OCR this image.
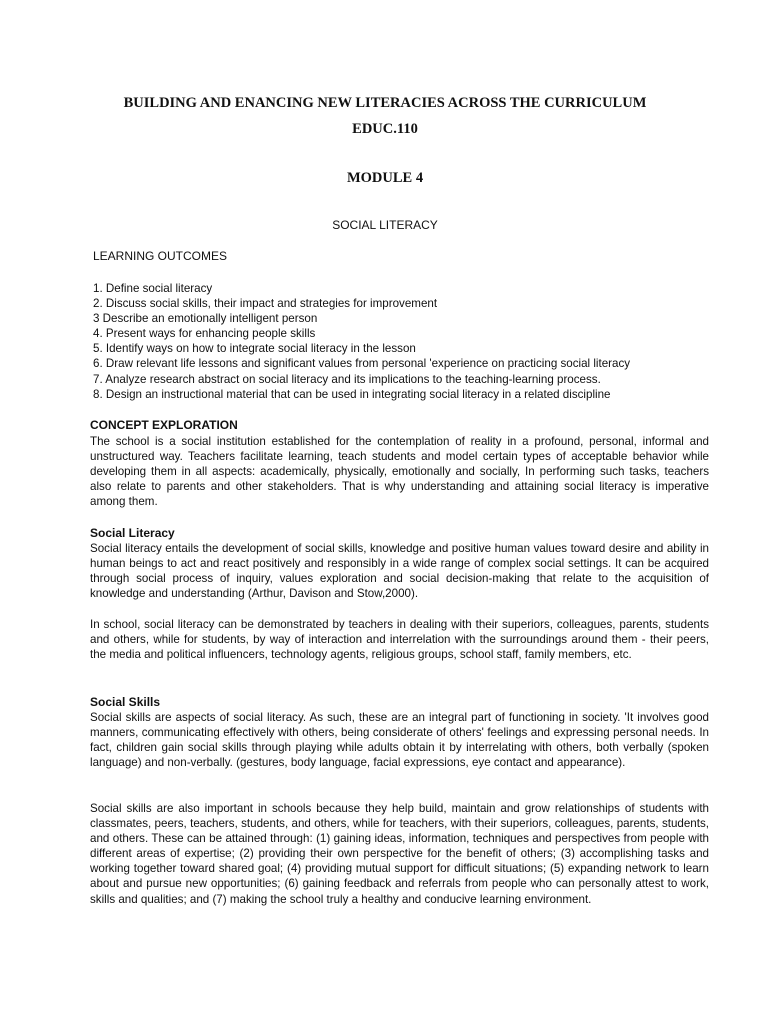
BUILDING AND ENANCING NEW LITERACIES ACROSS THE CURRICULUM
EDUC.110
MODULE 4
SOCIAL LITERACY
LEARNING OUTCOMES
1. Define social literacy
2. Discuss social skills, their impact and strategies for improvement
3 Describe an emotionally intelligent person
4. Present ways for enhancing people skills
5. Identify ways on how to integrate social literacy in the lesson
6. Draw relevant life lessons and significant values from personal 'experience on practicing social literacy
7. Analyze research abstract on social literacy and its implications to the teaching-learning process.
8. Design an instructional material that can be used in integrating social literacy in a related discipline
CONCEPT EXPLORATION

The school is a social institution established for the contemplation of reality in a profound, personal, informal and unstructured way. Teachers facilitate learning, teach students and model certain types of acceptable behavior while developing them in all aspects: academically, physically, emotionally and socially, In performing such tasks, teachers also relate to parents and other stakeholders. That is why understanding and attaining social literacy is imperative among them.

Social Literacy

Social literacy entails the development of social skills, knowledge and positive human values toward desire and ability in human beings to act and react positively and responsibly in a wide range of complex social settings. It can be acquired through social process of inquiry, values exploration and social decision-making that relate to the acquisition of knowledge and understanding (Arthur, Davison and Stow,2000).

In school, social literacy can be demonstrated by teachers in dealing with their superiors, colleagues, parents, students and others, while for students, by way of interaction and interrelation with the surroundings around them - their peers, the media and political influencers, technology agents, religious groups, school staff, family members, etc.

Social Skills

Social skills are aspects of social literacy. As such, these are an integral part of functioning in society. 'It involves good manners, communicating effectively with others, being considerate of others' feelings and expressing personal needs. In fact, children gain social skills through playing while adults obtain it by interrelating with others, both verbally (spoken language) and non-verbally. (gestures, body language, facial expressions, eye contact and appearance).

Social skills are also important in schools because they help build, maintain and grow relationships of students with classmates, peers, teachers, students, and others, while for teachers, with their superiors, colleagues, parents, students, and others. These can be attained through: (1) gaining ideas, information, techniques and perspectives from people with different areas of expertise; (2) providing their own perspective for the benefit of others; (3) accomplishing tasks and working together toward shared goal; (4) providing mutual support for difficult situations; (5) expanding network to learn about and pursue new opportunities; (6) gaining feedback and referrals from people who can personally attest to work, skills and qualities; and (7) making the school truly a healthy and conducive learning environment.
